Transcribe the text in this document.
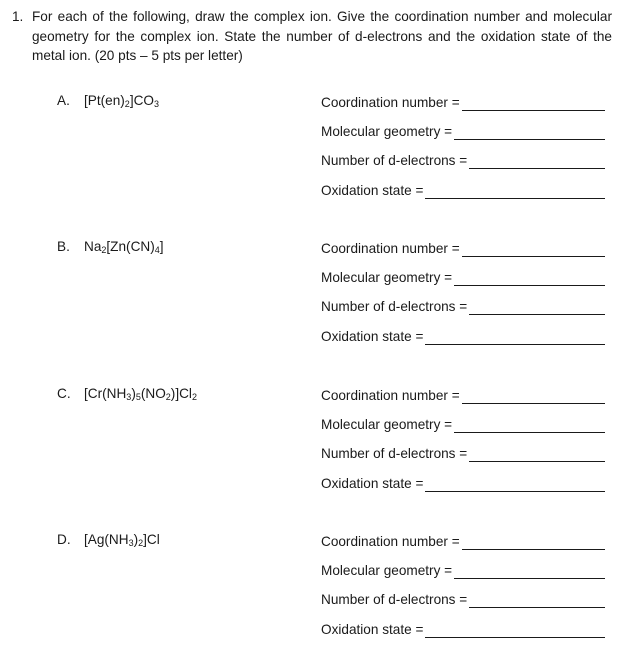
1. For each of the following, draw the complex ion. Give the coordination number and molecular geometry for the complex ion. State the number of d-electrons and the oxidation state of the metal ion. (20 pts – 5 pts per letter)
A. $[Pt(en)_2]CO_3$	Coordination number =
Molecular geometry =
Number of d-electrons =
Oxidation state =
B. $Na_2[Zn(CN)_4]$	Coordination number =
Molecular geometry =
Number of d-electrons =
Oxidation state =
C. $[Cr(NH_3)_5(NO_2)]Cl_2$	Coordination number =
Molecular geometry =
Number of d-electrons =
Oxidation state =
D. $[Ag(NH_3)_2]Cl$	Coordination number =
Molecular geometry =
Number of d-electrons =
Oxidation state =
